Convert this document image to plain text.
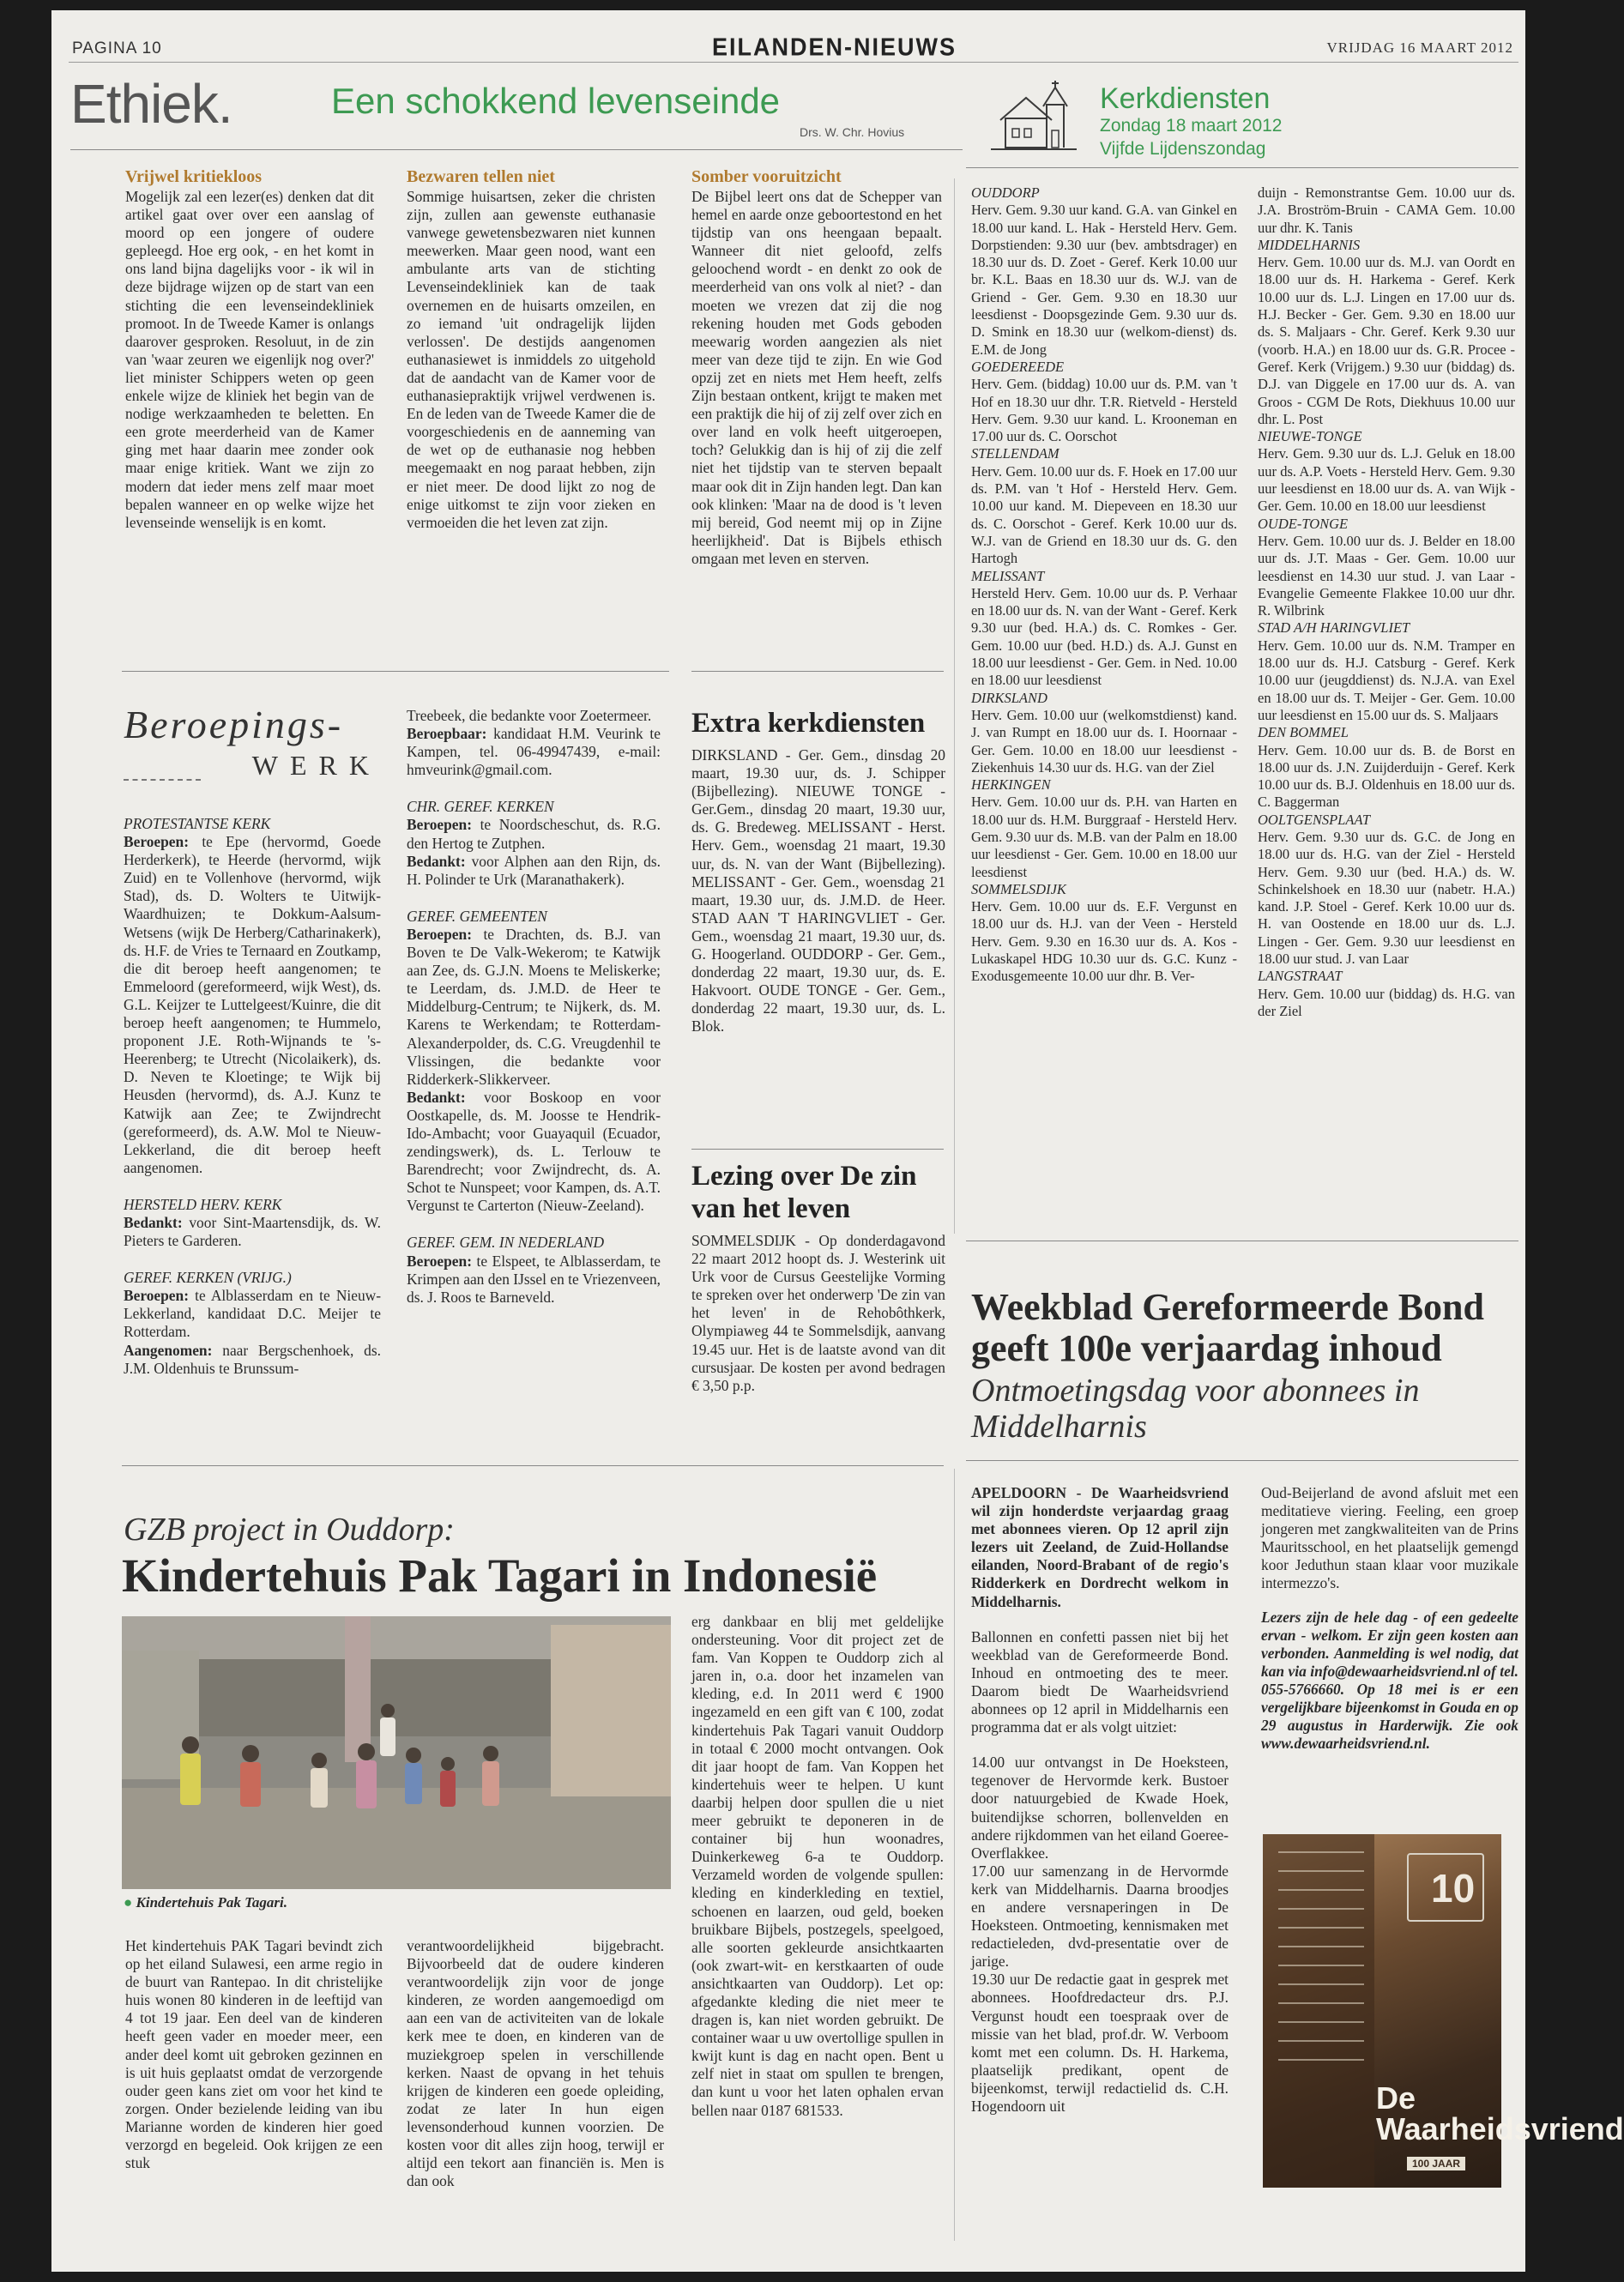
PAGINA 10	EILANDEN-NIEUWS	VRIJDAG 16 MAART 2012
Ethiek.	Een schokkend levenseinde
Drs. W. Chr. Hovius
Vrijwel kritiekloos

Mogelijk zal een lezer(es) denken dat dit artikel gaat over over een aanslag of moord op een jongere of oudere gepleegd. Hoe erg ook, - en het komt in ons land bijna dagelijks voor - ik wil in deze bijdrage wijzen op de start van een stichting die een levenseindekliniek promoot. In de Tweede Kamer is onlangs daarover gesproken. Resoluut, in de zin van 'waar zeuren we eigenlijk nog over?' liet minister Schippers weten op geen enkele wijze de kliniek het begin van de nodige werkzaamheden te beletten. En een grote meerderheid van de Kamer ging met haar daarin mee zonder ook maar enige kritiek. Want we zijn zo modern dat ieder mens zelf maar moet bepalen wanneer en op welke wijze het levenseinde wenselijk is en komt.

Bezwaren tellen niet

Sommige huisartsen, zeker die christen zijn, zullen aan gewenste euthanasie vanwege gewetensbezwaren niet kunnen meewerken. Maar geen nood, want een ambulante arts van de stichting Levenseindekliniek kan de taak overnemen en de huisarts omzeilen, en zo iemand 'uit ondragelijk lijden verlossen'. De destijds aangenomen euthanasiewet is inmiddels zo uitgehold dat de aandacht van de Kamer voor de euthanasiepraktijk vrijwel verdwenen is. En de leden van de Tweede Kamer die de voorgeschiedenis en de aanneming van de wet op de euthanasie nog hebben meegemaakt en nog paraat hebben, zijn er niet meer. De dood lijkt zo nog de enige uitkomst te zijn voor zieken en vermoeiden die het leven zat zijn.

Somber vooruitzicht

De Bijbel leert ons dat de Schepper van hemel en aarde onze geboortestond en het tijdstip van ons heengaan bepaalt. Wanneer dit niet geloofd, zelfs geloochend wordt - en denkt zo ook de meerderheid van ons volk al niet? - dan moeten we vrezen dat zij die nog rekening houden met Gods geboden meewarig worden aangezien als niet meer van deze tijd te zijn. En wie God opzij zet en niets met Hem heeft, zelfs Zijn bestaan ontkent, krijgt te maken met een praktijk die hij of zij zelf over zich en over land en volk heeft uitgeroepen, toch? Gelukkig dan is hij of zij die zelf niet het tijdstip van te sterven bepaalt maar ook dit in Zijn handen legt. Dan kan ook klinken: 'Maar na de dood is 't leven mij bereid, God neemt mij op in Zijne heerlijkheid'. Dat is Bijbels ethisch omgaan met leven en sterven.

Kerkdiensten
Zondag 18 maart 2012
Vijfde Lijdenszondag
OUDDORP
Herv. Gem. 9.30 uur kand. G.A. van Ginkel en 18.00 uur kand. L. Hak - Hersteld Herv. Gem. Dorpstienden: 9.30 uur (bev. ambtsdrager) en 18.30 uur ds. D. Zoet - Geref. Kerk 10.00 uur br. K.L. Baas en 18.30 uur ds. W.J. van de Griend - Ger. Gem. 9.30 en 18.30 uur leesdienst - Doopsgezinde Gem. 9.30 uur ds. D. Smink en 18.30 uur (welkom-dienst) ds. E.M. de Jong
GOEDEREEDE
Herv. Gem. (biddag) 10.00 uur ds. P.M. van 't Hof en 18.30 uur dhr. T.R. Rietveld - Hersteld Herv. Gem. 9.30 uur kand. L. Krooneman en 17.00 uur ds. C. Oorschot
STELLENDAM
Herv. Gem. 10.00 uur ds. F. Hoek en 17.00 uur ds. P.M. van 't Hof - Hersteld Herv. Gem. 10.00 uur kand. M. Diepeveen en 18.30 uur ds. C. Oorschot - Geref. Kerk 10.00 uur ds. W.J. van de Griend en 18.30 uur ds. G. den Hartogh
MELISSANT
Hersteld Herv. Gem. 10.00 uur ds. P. Verhaar en 18.00 uur ds. N. van der Want - Geref. Kerk 9.30 uur (bed. H.A.) ds. C. Romkes - Ger. Gem. 10.00 uur (bed. H.D.) ds. A.J. Gunst en 18.00 uur leesdienst - Ger. Gem. in Ned. 10.00 en 18.00 uur leesdienst
DIRKSLAND
Herv. Gem. 10.00 uur (welkomstdienst) kand. J. van Rumpt en 18.00 uur ds. I. Hoornaar - Ger. Gem. 10.00 en 18.00 uur leesdienst - Ziekenhuis 14.30 uur ds. H.G. van der Ziel
HERKINGEN
Herv. Gem. 10.00 uur ds. P.H. van Harten en 18.00 uur ds. H.M. Burggraaf - Hersteld Herv. Gem. 9.30 uur ds. M.B. van der Palm en 18.00 uur leesdienst - Ger. Gem. 10.00 en 18.00 uur leesdienst
SOMMELSDIJK
Herv. Gem. 10.00 uur ds. E.F. Vergunst en 18.00 uur ds. H.J. van der Veen - Hersteld Herv. Gem. 9.30 en 16.30 uur ds. A. Kos - Lukaskapel HDG 10.30 uur ds. G.C. Kunz - Exodusgemeente 10.00 uur dhr. B. Ver-
duijn - Remonstrantse Gem. 10.00 uur ds. J.A. Broström-Bruin - CAMA Gem. 10.00 uur dhr. K. Tanis
MIDDELHARNIS
Herv. Gem. 10.00 uur ds. M.J. van Oordt en 18.00 uur ds. H. Harkema - Geref. Kerk 10.00 uur ds. L.J. Lingen en 17.00 uur ds. H.J. Becker - Ger. Gem. 9.30 en 18.00 uur ds. S. Maljaars - Chr. Geref. Kerk 9.30 uur (voorb. H.A.) en 18.00 uur ds. G.R. Procee - Geref. Kerk (Vrijgem.) 9.30 uur (biddag) ds. D.J. van Diggele en 17.00 uur ds. A. van Groos - CGM De Rots, Diekhuus 10.00 uur dhr. L. Post
NIEUWE-TONGE
Herv. Gem. 9.30 uur ds. L.J. Geluk en 18.00 uur ds. A.P. Voets - Hersteld Herv. Gem. 9.30 uur leesdienst en 18.00 uur ds. A. van Wijk - Ger. Gem. 10.00 en 18.00 uur leesdienst
OUDE-TONGE
Herv. Gem. 10.00 uur ds. J. Belder en 18.00 uur ds. J.T. Maas - Ger. Gem. 10.00 uur leesdienst en 14.30 uur stud. J. van Laar - Evangelie Gemeente Flakkee 10.00 uur dhr. R. Wilbrink
STAD A/H HARINGVLIET
Herv. Gem. 10.00 uur ds. N.M. Tramper en 18.00 uur ds. H.J. Catsburg - Geref. Kerk 10.00 uur (jeugddienst) ds. N.J.A. van Exel en 18.00 uur ds. T. Meijer - Ger. Gem. 10.00 uur leesdienst en 15.00 uur ds. S. Maljaars
DEN BOMMEL
Herv. Gem. 10.00 uur ds. B. de Borst en 18.00 uur ds. J.N. Zuijderduijn - Geref. Kerk 10.00 uur ds. B.J. Oldenhuis en 18.00 uur ds. C. Baggerman
OOLTGENSPLAAT
Herv. Gem. 9.30 uur ds. G.C. de Jong en 18.00 uur ds. H.G. van der Ziel - Hersteld Herv. Gem. 9.30 uur (bed. H.A.) ds. W. Schinkelshoek en 18.30 uur (nabetr. H.A.) kand. J.P. Stoel - Geref. Kerk 10.00 uur ds. H. van Oostende en 18.00 uur ds. L.J. Lingen - Ger. Gem. 9.30 uur leesdienst en 18.00 uur stud. J. van Laar
LANGSTRAAT
Herv. Gem. 10.00 uur (biddag) ds. H.G. van der Ziel
Beroepings-
WERK
PROTESTANTSE KERK
Beroepen: te Epe (hervormd, Goede Herderkerk), te Heerde (hervormd, wijk Zuid) en te Vollenhove (hervormd, wijk Stad), ds. D. Wolters te Uitwijk-Waardhuizen; te Dokkum-Aalsum-Wetsens (wijk De Herberg/Catharinakerk), ds. H.F. de Vries te Ternaard en Zoutkamp, die dit beroep heeft aangenomen; te Emmeloord (gereformeerd, wijk West), ds. G.L. Keijzer te Luttelgeest/Kuinre, die dit beroep heeft aangenomen; te Hummelo, proponent J.E. Roth-Wijnands te 's-Heerenberg; te Utrecht (Nicolaikerk), ds. D. Neven te Kloetinge; te Wijk bij Heusden (hervormd), ds. A.J. Kunz te Katwijk aan Zee; te Zwijndrecht (gereformeerd), ds. A.W. Mol te Nieuw-Lekkerland, die dit beroep heeft aangenomen.
HERSTELD HERV. KERK
Bedankt: voor Sint-Maartensdijk, ds. W. Pieters te Garderen.
GEREF. KERKEN (VRIJG.)
Beroepen: te Alblasserdam en te Nieuw-Lekkerland, kandidaat D.C. Meijer te Rotterdam.
Aangenomen: naar Bergschenhoek, ds. J.M. Oldenhuis te Brunssum-
Treebeek, die bedankte voor Zoetermeer.
Beroepbaar: kandidaat H.M. Veurink te Kampen, tel. 06-49947439, e-mail: hmveurink@gmail.com.
CHR. GEREF. KERKEN
Beroepen: te Noordscheschut, ds. R.G. den Hertog te Zutphen.
Bedankt: voor Alphen aan den Rijn, ds. H. Polinder te Urk (Maranathakerk).
GEREF. GEMEENTEN
Beroepen: te Drachten, ds. B.J. van Boven te De Valk-Wekerom; te Katwijk aan Zee, ds. G.J.N. Moens te Meliskerke; te Leerdam, ds. J.M.D. de Heer te Middelburg-Centrum; te Nijkerk, ds. M. Karens te Werkendam; te Rotterdam-Alexanderpolder, ds. C.G. Vreugdenhil te Vlissingen, die bedankte voor Ridderkerk-Slikkerveer.
Bedankt: voor Boskoop en voor Oostkapelle, ds. M. Joosse te Hendrik-Ido-Ambacht; voor Guayaquil (Ecuador, zendingswerk), ds. L. Terlouw te Barendrecht; voor Zwijndrecht, ds. A. Schot te Nunspeet; voor Kampen, ds. A.T. Vergunst te Carterton (Nieuw-Zeeland).
GEREF. GEM. IN NEDERLAND
Beroepen: te Elspeet, te Alblasserdam, te Krimpen aan den IJssel en te Vriezenveen, ds. J. Roos te Barneveld.
Extra kerkdiensten
DIRKSLAND - Ger. Gem., dinsdag 20 maart, 19.30 uur, ds. J. Schipper (Bijbellezing). NIEUWE TONGE - Ger.Gem., dinsdag 20 maart, 19.30 uur, ds. G. Bredeweg. MELISSANT - Herst. Herv. Gem., woensdag 21 maart, 19.30 uur, ds. N. van der Want (Bijbellezing). MELISSANT - Ger. Gem., woensdag 21 maart, 19.30 uur, ds. J.M.D. de Heer. STAD AAN 'T HARINGVLIET - Ger. Gem., woensdag 21 maart, 19.30 uur, ds. G. Hoogerland. OUDDORP - Ger. Gem., donderdag 22 maart, 19.30 uur, ds. E. Hakvoort. OUDE TONGE - Ger. Gem., donderdag 22 maart, 19.30 uur, ds. L. Blok.
Lezing over De zin van het leven
SOMMELSDIJK - Op donderdagavond 22 maart 2012 hoopt ds. J. Westerink uit Urk voor de Cursus Geestelijke Vorming te spreken over het onderwerp 'De zin van het leven' in de Rehobôthkerk, Olympiaweg 44 te Sommelsdijk, aanvang 19.45 uur. Het is de laatste avond van dit cursusjaar. De kosten per avond bedragen € 3,50 p.p.
Weekblad Gereformeerde Bond geeft 100e verjaardag inhoud
Ontmoetingsdag voor abonnees in Middelharnis

APELDOORN - De Waarheidsvriend wil zijn honderdste verjaardag graag met abonnees vieren. Op 12 april zijn lezers uit Zeeland, de Zuid-Hollandse eilanden, Noord-Brabant of de regio's Ridderkerk en Dordrecht welkom in Middelharnis.

Ballonnen en confetti passen niet bij het weekblad van de Gereformeerde Bond. Inhoud en ontmoeting des te meer. Daarom biedt De Waarheidsvriend abonnees op 12 april in Middelharnis een programma dat er als volgt uitziet:

14.00 uur ontvangst in De Hoeksteen, tegenover de Hervormde kerk. Bustoer door natuurgebied de Kwade Hoek, buitendijkse schorren, bollenvelden en andere rijkdommen van het eiland Goeree-Overflakkee.

17.00 uur samenzang in de Hervormde kerk van Middelharnis. Daarna broodjes en andere versnaperingen in De Hoeksteen. Ontmoeting, kennismaken met redactieleden, dvd-presentatie over de jarige.

19.30 uur De redactie gaat in gesprek met abonnees. Hoofdredacteur drs. P.J. Vergunst houdt een toespraak over de missie van het blad, prof.dr. W. Verboom komt met een column. Ds. H. Harkema, plaatselijk predikant, opent de bijeenkomst, terwijl redactielid ds. C.H. Hogendoorn uit

Oud-Beijerland de avond afsluit met een meditatieve viering. Feeling, een groep jongeren met zangkwaliteiten van de Prins Mauritsschool, en het plaatselijk gemengd koor Jeduthun staan klaar voor muzikale intermezzo's.

Lezers zijn de hele dag - of een gedeelte ervan - welkom. Er zijn geen kosten aan verbonden. Aanmelding is wel nodig, dat kan via info@dewaarheidsvriend.nl of tel. 055-5766660. Op 18 mei is er een vergelijkbare bijeenkomst in Gouda en op 29 augustus in Harderwijk. Zie ook www.dewaarheidsvriend.nl.

10
De Waarheidsvriend
100 JAAR
GZB project in Ouddorp:
Kindertehuis Pak Tagari in Indonesië
● Kindertehuis Pak Tagari.
Het kindertehuis PAK Tagari bevindt zich op het eiland Sulawesi, een arme regio in de buurt van Rantepao. In dit christelijke huis wonen 80 kinderen in de leeftijd van 4 tot 19 jaar. Een deel van de kinderen heeft geen vader en moeder meer, een ander deel komt uit gebroken gezinnen en is uit huis geplaatst omdat de verzorgende ouder geen kans ziet om voor het kind te zorgen. Onder bezielende leiding van ibu Marianne worden de kinderen hier goed verzorgd en begeleid. Ook krijgen ze een stuk
verantwoordelijkheid bijgebracht. Bijvoorbeeld dat de oudere kinderen verantwoordelijk zijn voor de jonge kinderen, ze worden aangemoedigd om aan een van de activiteiten van de lokale kerk mee te doen, en kinderen van de muziekgroep spelen in verschillende kerken. Naast de opvang in het tehuis krijgen de kinderen een goede opleiding, zodat ze later In hun eigen levensonderhoud kunnen voorzien. De kosten voor dit alles zijn hoog, terwijl er altijd een tekort aan financiën is. Men is dan ook
erg dankbaar en blij met geldelijke ondersteuning. Voor dit project zet de fam. Van Koppen te Ouddorp zich al jaren in, o.a. door het inzamelen van kleding, e.d. In 2011 werd € 1900 ingezameld en een gift van € 100, zodat kindertehuis Pak Tagari vanuit Ouddorp in totaal € 2000 mocht ontvangen. Ook dit jaar hoopt de fam. Van Koppen het kindertehuis weer te helpen. U kunt daarbij helpen door spullen die u niet meer gebruikt te deponeren in de container bij hun woonadres, Duinkerkeweg 6-a te Ouddorp. Verzameld worden de volgende spullen: kleding en kinderkleding en textiel, schoenen en laarzen, oud geld, boeken bruikbare Bijbels, postzegels, speelgoed, alle soorten gekleurde ansichtkaarten (ook zwart-wit- en kerstkaarten of oude ansichtkaarten van Ouddorp). Let op: afgedankte kleding die niet meer te dragen is, kan niet worden gebruikt. De container waar u uw overtollige spullen in kwijt kunt is dag en nacht open. Bent u zelf niet in staat om spullen te brengen, dan kunt u voor het laten ophalen ervan bellen naar 0187 681533.
